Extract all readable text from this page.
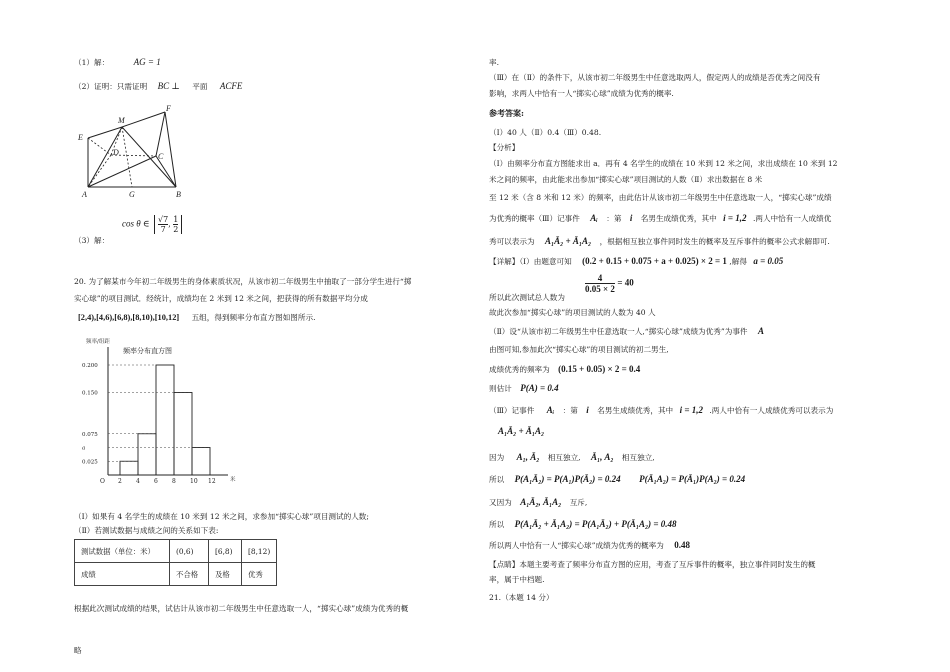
（1）解：	AG = 1
（2）证明：只需证明 BC ⊥ 平面 ACFE
E
M
F
D	C
A	G	B
cos θ ∈ $\frac{√7}{7}$ , $\frac{1}{2}$
（3）解：
20. 为了解某市今年初二年级男生的身体素质状况，从该市初二年级男生中抽取了一部分学生进行“掷
实心球”的项目测试．经统计，成绩均在 2 米到 12 米之间，把获得的所有数据平均分成
[2,4),[4,6),[6,8),[8,10),[10,12] 五组，得到频率分布直方图如图所示.
频率/组距
频率分布直方图
米
O 2 4 6 8 10 12
0.200
0.150
0.075
a
0.025
（Ⅰ）如果有 4 名学生的成绩在 10 米到 12 米之间，求参加“掷实心球”项目测试的人数;
（Ⅱ）若测试数据与成绩之间的关系如下表:
测试数据（单位：米）	(0,6)	[6,8)	[8,12)
成绩	不合格	及格	优秀
根据此次测试成绩的结果，试估计从该市初二年级男生中任意选取一人，“掷实心球”成绩为优秀的概
略
率.
（Ⅲ）在（Ⅱ）的条件下，从该市初二年级男生中任意选取两人，假定两人的成绩是否优秀之间没有
影响，求两人中恰有一人“掷实心球”成绩为优秀的概率.
参考答案:
（Ⅰ）40 人（Ⅱ）0.4（Ⅲ）0.48.
【分析】
（Ⅰ）由频率分布直方图能求出 a．再有 4 名学生的成绩在 10 米到 12 米之间，求出成绩在 10 米到 12
米之间的频率，由此能求出参加“掷实心球”项目测试的人数（Ⅱ）求出数据在 8 米
至 12 米（含 8 米和 12 米）的频率，由此估计从该市初二年级男生中任意选取一人，“掷实心球”成绩
为优秀的概率（Ⅲ）记事件 Aᵢ ：第 i 名男生成绩优秀，其中 i = 1,2 .两人中恰有一人成绩优
秀可以表示为 A₁Ā₂ + Ā₁A₂ ，根据相互独立事件同时发生的概率及互斥事件的概率公式求解即可.
【详解】（Ⅰ）由题意可知 (0.2 + 0.15 + 0.075 + a + 0.025) × 2 = 1 ,解得 a = 0.05
$\frac{4}{0.05 \times 2} = 40$
所以此次测试总人数为
故此次参加“掷实心球”的项目测试的人数为 40 人
（Ⅱ）设“从该市初二年级男生中任意选取一人,“掷实心球”成绩为优秀”为事件 A
由图可知,参加此次“掷实心球”的项目测试的初二男生,
成绩优秀的频率为 (0.15 + 0.05) × 2 = 0.4
则估计 P(A) = 0.4
（Ⅲ）记事件 Aᵢ ：第 i 名男生成绩优秀，其中 i = 1,2 .两人中恰有一人成绩优秀可以表示为
A₁Ā₂ + Ā₁A₂
因为 A₁, Ā₂ 相互独立, Ā₁, A₂ 相互独立,
所以 P(A₁Ā₂) = P(A₁)P(Ā₂) = 0.24 P(Ā₁A₂) = P(Ā₁)P(A₂) = 0.24
又因为 A₁Ā₂, Ā₁A₂ 互斥,
所以 P(A₁Ā₂ + Ā₁A₂) = P(A₁Ā₂) + P(Ā₁A₂) = 0.48
所以两人中恰有一人“掷实心球”成绩为优秀的概率为 0.48
【点睛】本题主要考查了频率分布直方图的应用，考查了互斥事件的概率，独立事件同时发生的概
率，属于中档题.
21.（本题 14 分）
